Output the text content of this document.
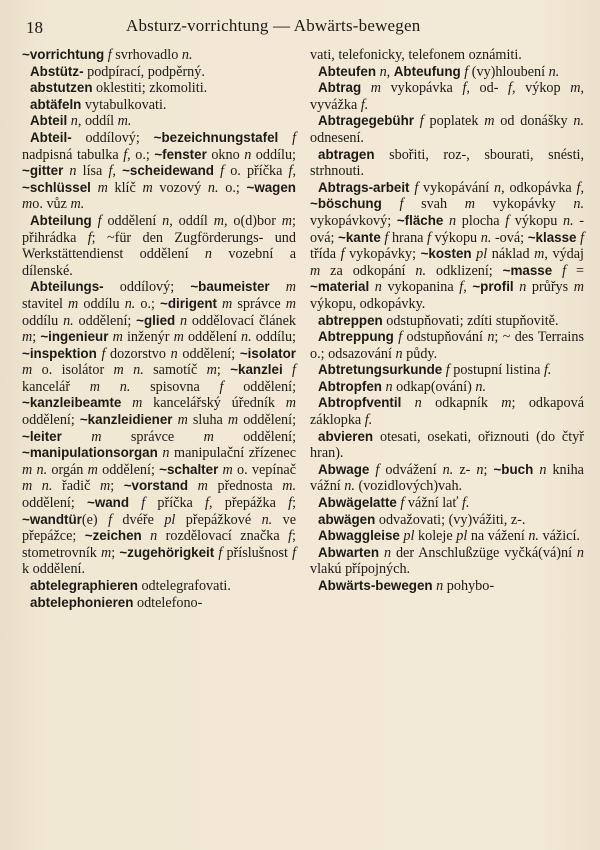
18	Absturz-vorrichtung — Abwärts-bewegen
~vorrichtung f svrhovadlo n.
Abstütz- podpírací, podpěrný.
abstutzen oklestiti; zkomoliti.
abtäfeln vytabulkovati.
Abteil n, oddíl m.
Abteil- oddílový; ~bezeichnungstafel f nadpisná tabulka f, o.; ~fenster okno n oddílu; ~gitter n lísa f, ~scheidewand f o. příčka f, ~schlüssel m klíč m vozový n. o.; ~wagen mo. vůz m.
Abteilung f oddělení n, oddíl m, o(d)bor m; přihrádka f; ~für den Zugförderungs- und Werkstättendienst oddělení n vozební a dílenské.
Abteilungs- oddílový; ~baumeister m stavitel m oddílu n. o.; ~dirigent m správce m oddílu n. oddělení; ~glied n oddělovací článek m; ~ingenieur m inženýr m oddělení n. oddílu; ~inspektion f dozorstvo n oddělení; ~isolator m o. isolátor m n. samotíč m; ~kanzlei f kancelář m n. spisovna f oddělení; ~kanzleibeamte m kancelářský úředník m oddělení; ~kanzleidiener m sluha m oddělení; ~leiter m správce m oddělení; ~manipulationsorgan n manipulační zřízenec m n. orgán m oddělení; ~schalter m o. vepínač m n. řadič m; ~vorstand m přednosta m. oddělení; ~wand f příčka f, přepážka f; ~wandtür(e) f dvéře pl přepážkové n. ve přepážce; ~zeichen n rozdělovací značka f; stometrovník m; ~zugehörigkeit f příslušnost f k oddělení.
abtelegraphieren odtelegrafovati.
abtelephonieren odtelefono-
vati, telefonicky, telefonem oznámiti.
Abteufen n, Abteufung f (vy)hloubení n.
Abtrag m vykopávka f, od- f, výkop m, vyvážka f.
Abtragegebühr f poplatek m od donášky n. odnesení.
abtragen sbořiti, roz-, sbourati, snésti, strhnouti.
Abtrags-arbeit f vykopávání n, odkopávka f, ~böschung f svah m vykopávky n. vykopávkový; ~fläche n plocha f výkopu n. -ová; ~kante f hrana f výkopu n. -ová; ~klasse f třída f vykopávky; ~kosten pl náklad m, výdaj m za odkopání n. odklizení; ~masse f = ~material n vykopanina f, ~profil n průřys m výkopu, odkopávky.
abtreppen odstupňovati; zdíti stupňovitě.
Abtreppung f odstupňování n; ~ des Terrains o.; odsazování n půdy.
Abtretungsurkunde f postupní listina f.
Abtropfen n odkap(ování) n.
Abtropfventil n odkapník m; odkapová záklopka f.
abvieren otesati, osekati, ořiznouti (do čtyř hran).
Abwage f odvážení n. z- n; ~buch n kniha vážní n. (vozidlových)vah.
Abwägelatte f vážní lať f.
abwägen odvažovati; (vy)vážiti, z-.
Abwaggleise pl koleje pl na vážení n. vážicí.
Abwarten n der Anschlußzüge vyčká(vá)ní n vlakú přípojných.
Abwärts-bewegen n pohybo-
